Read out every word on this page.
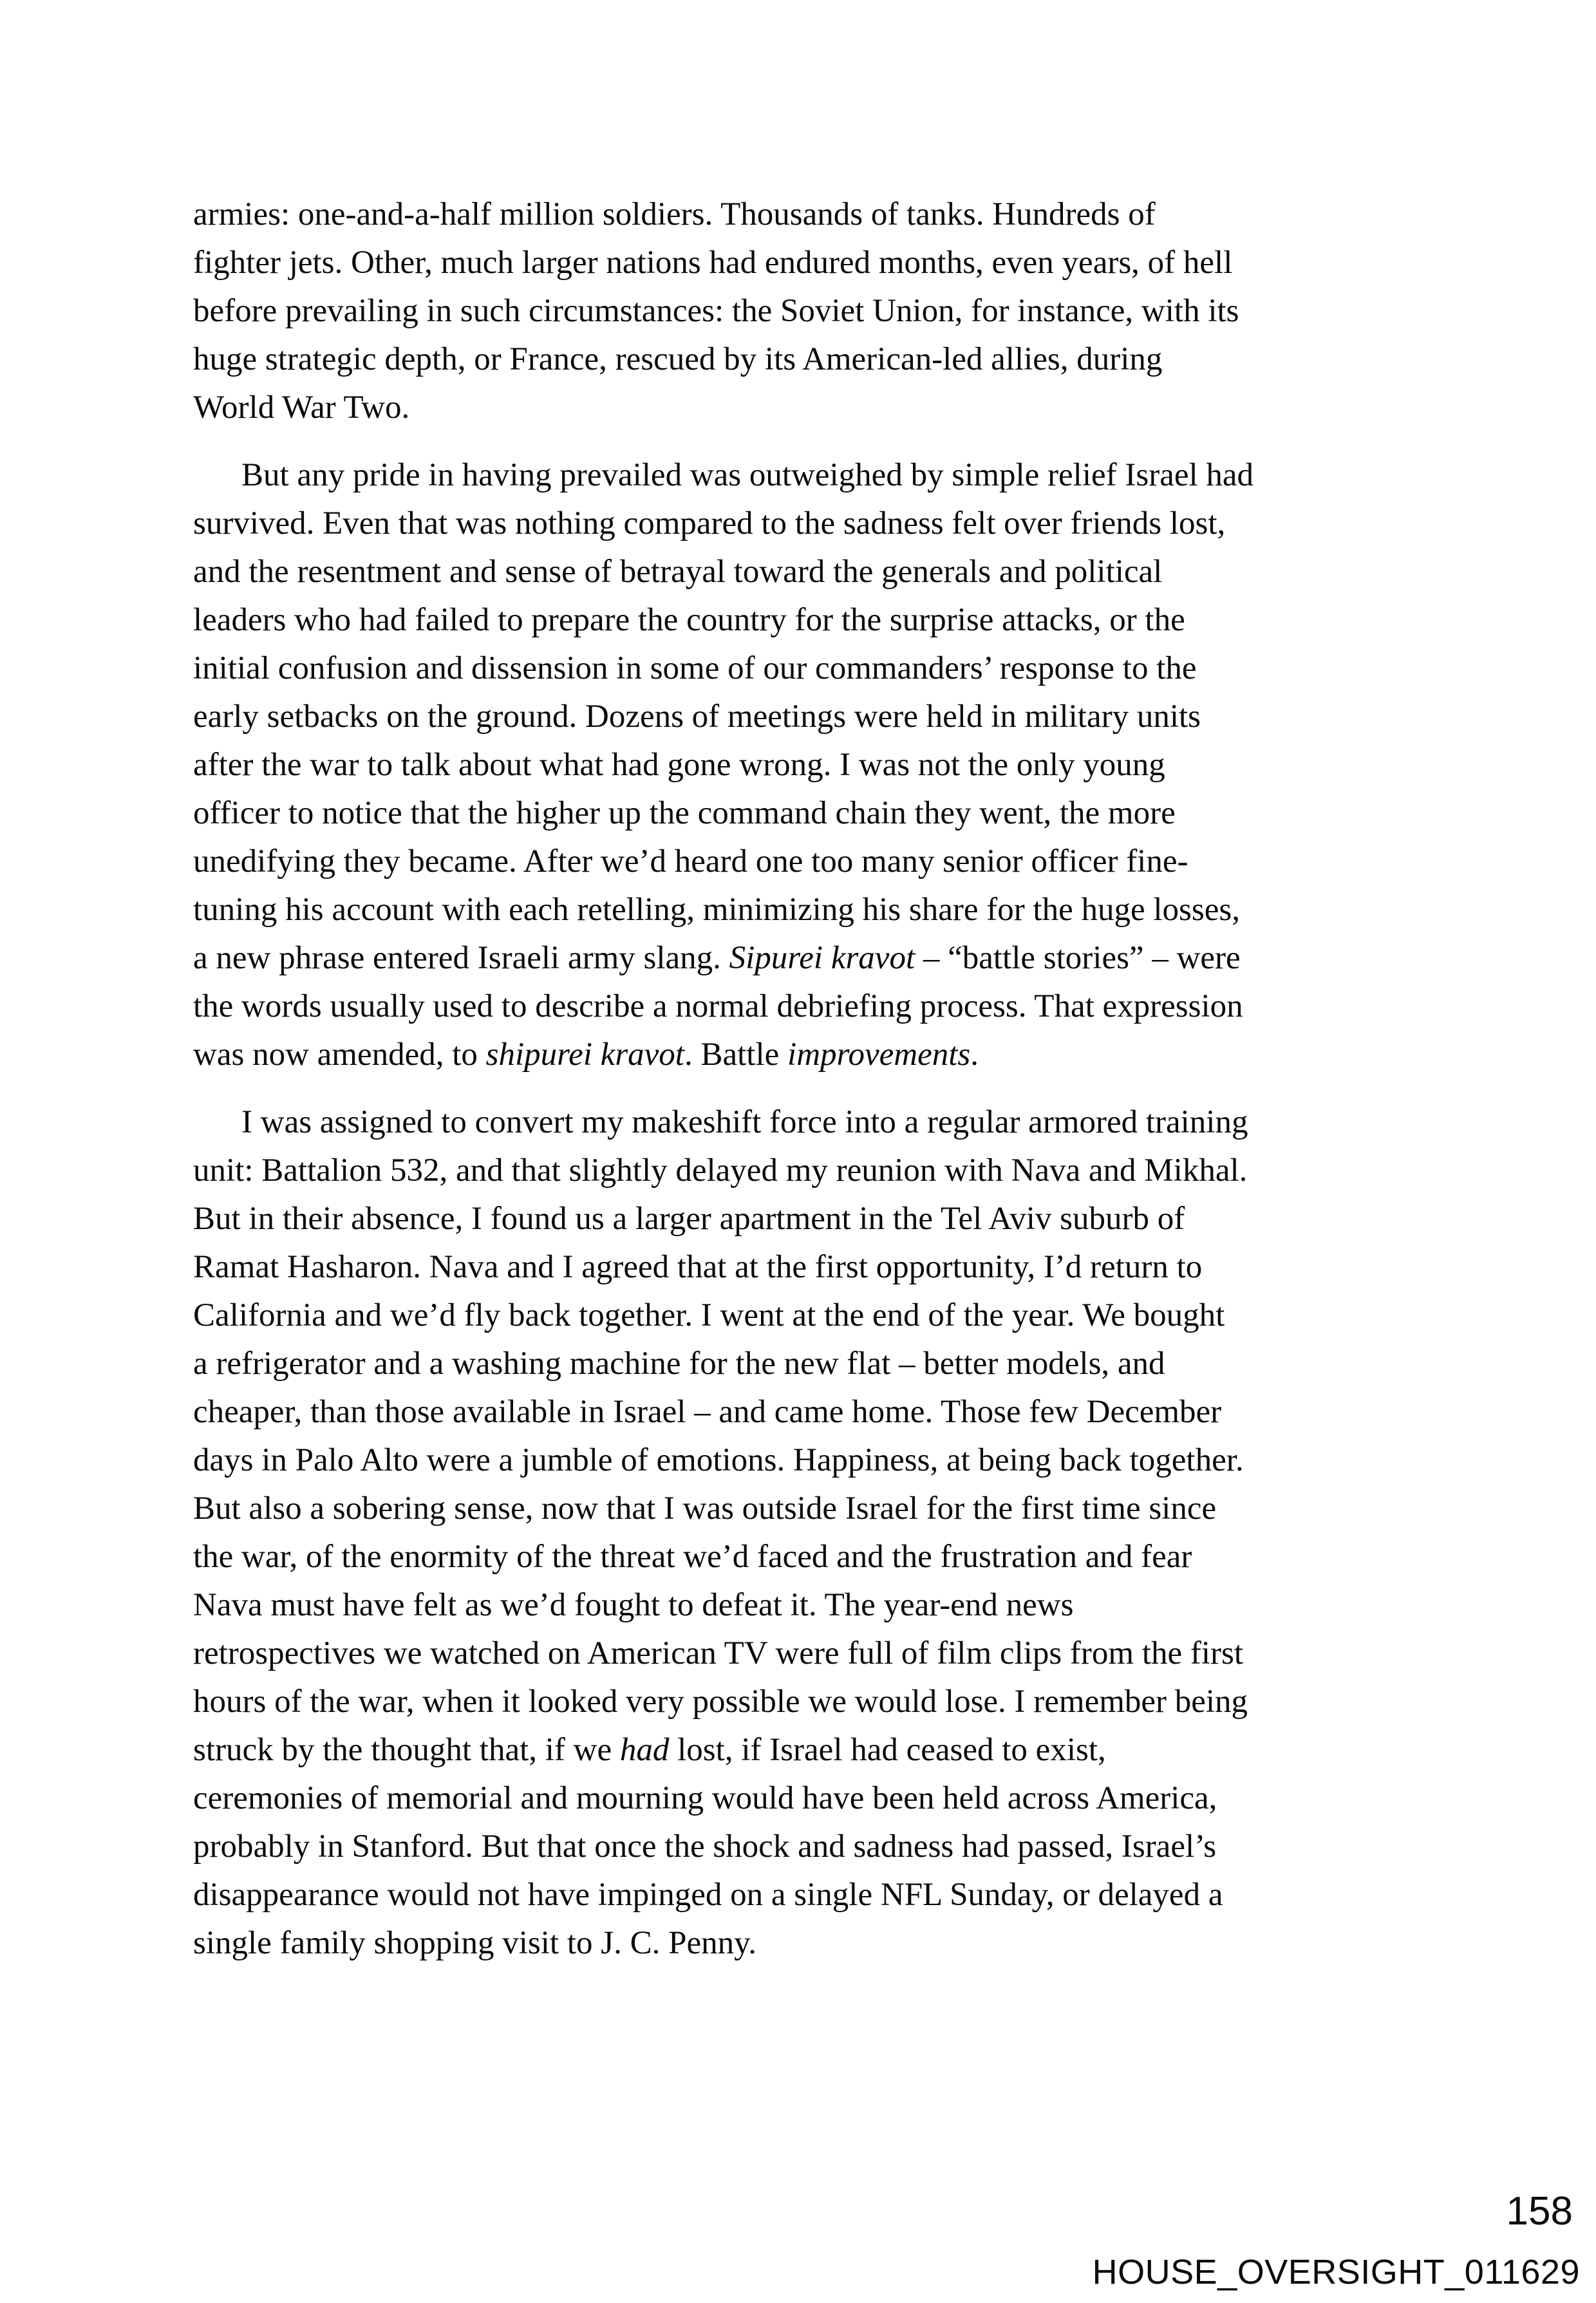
armies: one-and-a-half million soldiers. Thousands of tanks. Hundreds of
fighter jets. Other, much larger nations had endured months, even years, of hell
before prevailing in such circumstances: the Soviet Union, for instance, with its
huge strategic depth, or France, rescued by its American-led allies, during
World War Two.
But any pride in having prevailed was outweighed by simple relief Israel had
survived. Even that was nothing compared to the sadness felt over friends lost,
and the resentment and sense of betrayal toward the generals and political
leaders who had failed to prepare the country for the surprise attacks, or the
initial confusion and dissension in some of our commanders’ response to the
early setbacks on the ground. Dozens of meetings were held in military units
after the war to talk about what had gone wrong. I was not the only young
officer to notice that the higher up the command chain they went, the more
unedifying they became. After we’d heard one too many senior officer fine-
tuning his account with each retelling, minimizing his share for the huge losses,
a new phrase entered Israeli army slang. Sipurei kravot – “battle stories” – were
the words usually used to describe a normal debriefing process. That expression
was now amended, to shipurei kravot. Battle improvements.
I was assigned to convert my makeshift force into a regular armored training
unit: Battalion 532, and that slightly delayed my reunion with Nava and Mikhal.
But in their absence, I found us a larger apartment in the Tel Aviv suburb of
Ramat Hasharon. Nava and I agreed that at the first opportunity, I’d return to
California and we’d fly back together. I went at the end of the year. We bought
a refrigerator and a washing machine for the new flat – better models, and
cheaper, than those available in Israel – and came home. Those few December
days in Palo Alto were a jumble of emotions. Happiness, at being back together.
But also a sobering sense, now that I was outside Israel for the first time since
the war, of the enormity of the threat we’d faced and the frustration and fear
Nava must have felt as we’d fought to defeat it. The year-end news
retrospectives we watched on American TV were full of film clips from the first
hours of the war, when it looked very possible we would lose. I remember being
struck by the thought that, if we had lost, if Israel had ceased to exist,
ceremonies of memorial and mourning would have been held across America,
probably in Stanford. But that once the shock and sadness had passed, Israel’s
disappearance would not have impinged on a single NFL Sunday, or delayed a
single family shopping visit to J. C. Penny.
158
HOUSE_OVERSIGHT_011629
